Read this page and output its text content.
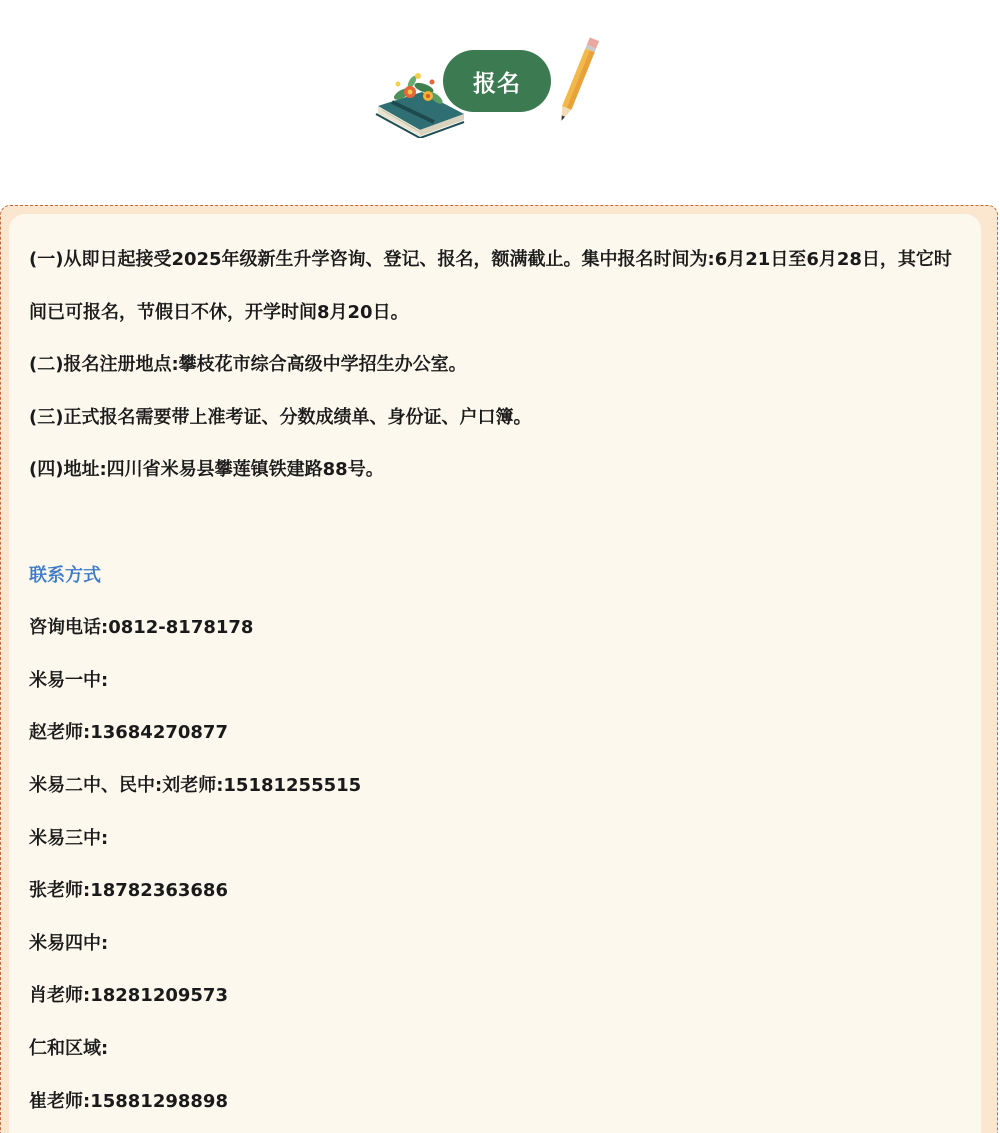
报名

(一)从即日起接受2025年级新生升学咨询、登记、报名，额满截止。集中报名时间为:6月21日至6月28日，其它时间已可报名，节假日不休，开学时间8月20日。

(二)报名注册地点:攀枝花市综合高级中学招生办公室。

(三)正式报名需要带上准考证、分数成绩单、身份证、户口簿。

(四)地址:四川省米易县攀莲镇铁建路88号。

联系方式

咨询电话:0812-8178178

米易一中:

赵老师:13684270877

米易二中、民中:刘老师:15181255515

米易三中:

张老师:18782363686

米易四中:

肖老师:18281209573

仁和区域:

崔老师:15881298898
